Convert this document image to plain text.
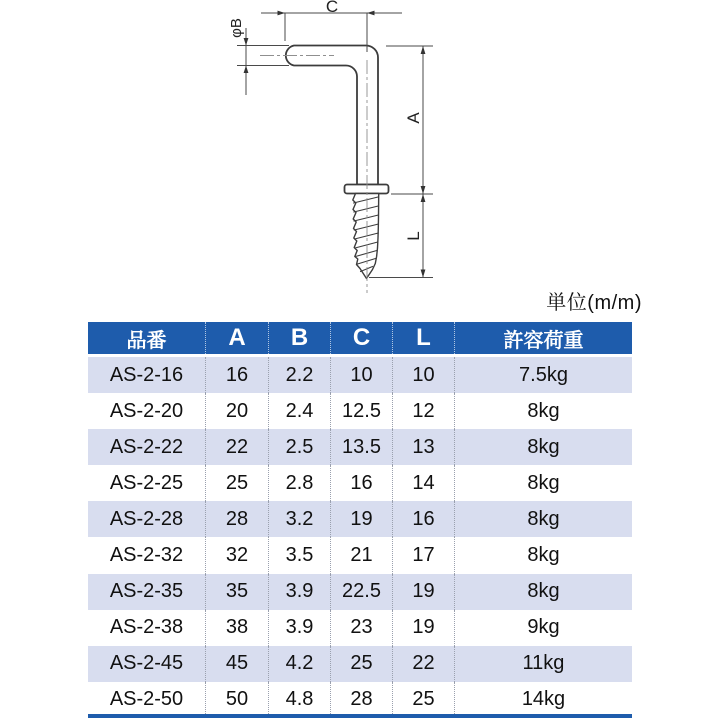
C
φB
A
L
単位(m/m)
品番	A	B	C	L	許容荷重
AS-2-16	16	2.2	10	10	7.5kg
AS-2-20	20	2.4	12.5	12	8kg
AS-2-22	22	2.5	13.5	13	8kg
AS-2-25	25	2.8	16	14	8kg
AS-2-28	28	3.2	19	16	8kg
AS-2-32	32	3.5	21	17	8kg
AS-2-35	35	3.9	22.5	19	8kg
AS-2-38	38	3.9	23	19	9kg
AS-2-45	45	4.2	25	22	11kg
AS-2-50	50	4.8	28	25	14kg
